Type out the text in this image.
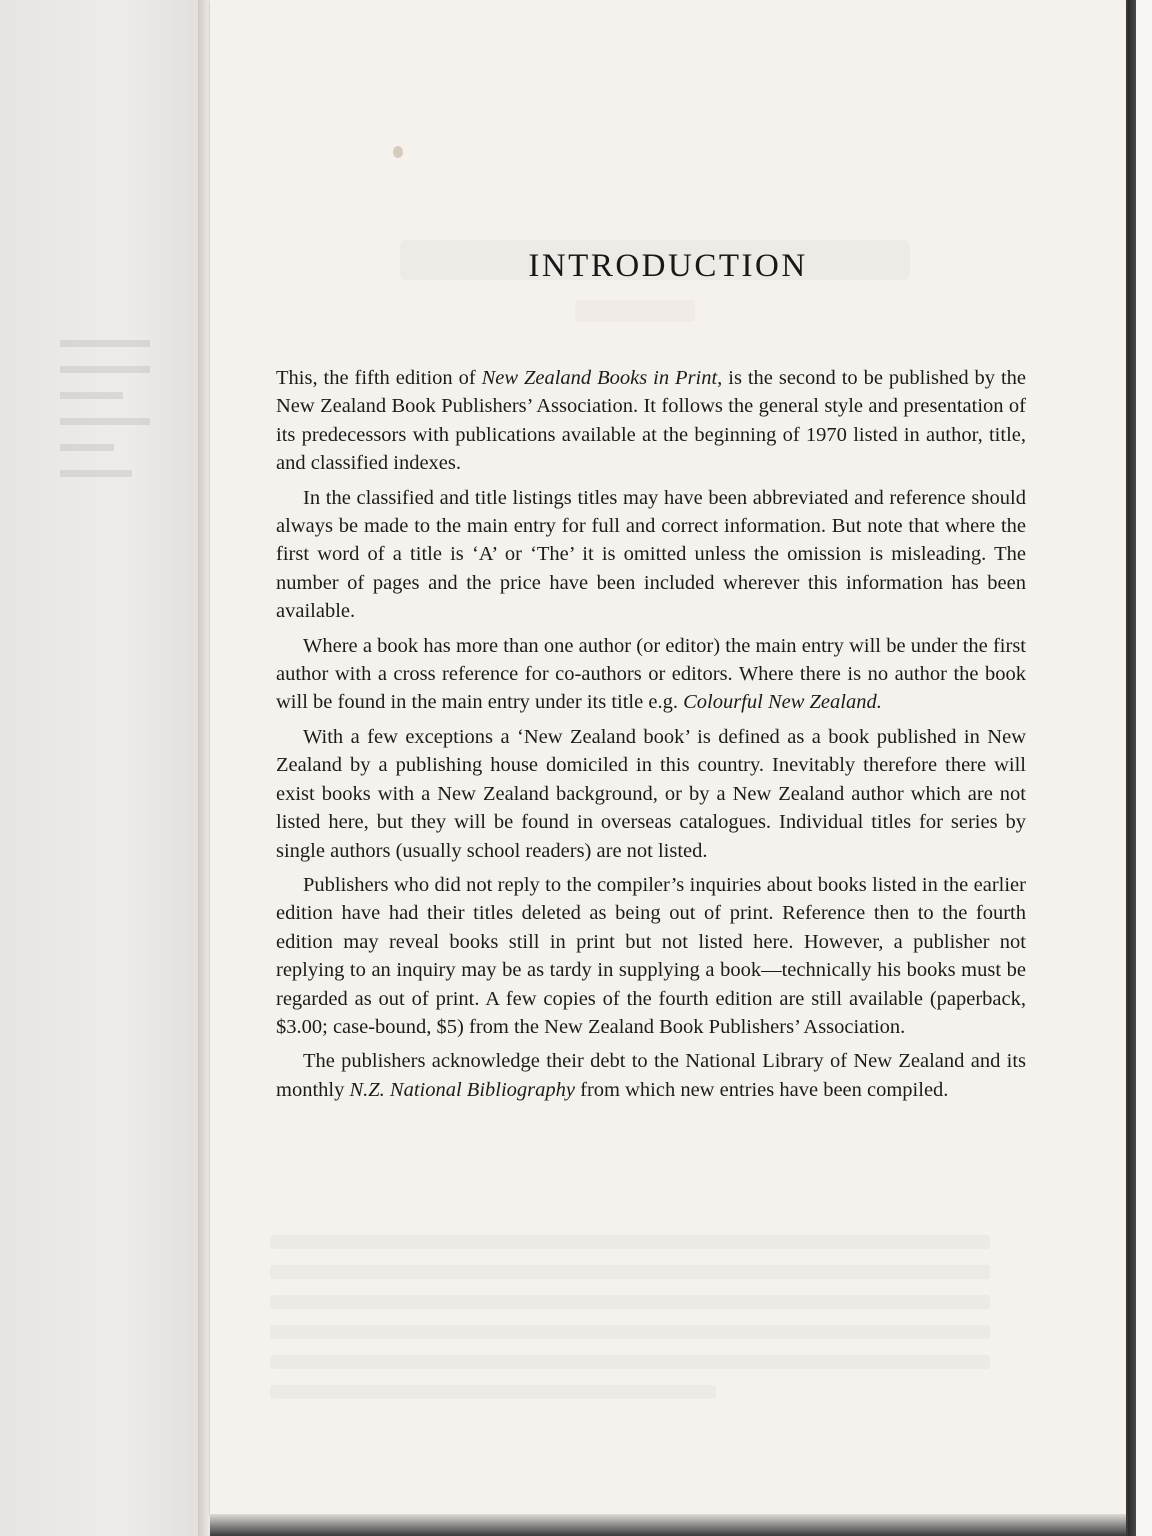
INTRODUCTION

This, the fifth edition of New Zealand Books in Print, is the second to be published by the New Zealand Book Publishers’ Association. It follows the general style and presentation of its predecessors with publications available at the beginning of 1970 listed in author, title, and classified indexes.

In the classified and title listings titles may have been abbreviated and reference should always be made to the main entry for full and correct information. But note that where the first word of a title is ‘A’ or ‘The’ it is omitted unless the omission is misleading. The number of pages and the price have been included wherever this information has been available.

Where a book has more than one author (or editor) the main entry will be under the first author with a cross reference for co-authors or editors. Where there is no author the book will be found in the main entry under its title e.g. Colourful New Zealand.

With a few exceptions a ‘New Zealand book’ is defined as a book published in New Zealand by a publishing house domiciled in this country. Inevitably therefore there will exist books with a New Zealand background, or by a New Zealand author which are not listed here, but they will be found in overseas catalogues. Individual titles for series by single authors (usually school readers) are not listed.

Publishers who did not reply to the compiler’s inquiries about books listed in the earlier edition have had their titles deleted as being out of print. Reference then to the fourth edition may reveal books still in print but not listed here. However, a publisher not replying to an inquiry may be as tardy in supplying a book—technically his books must be regarded as out of print. A few copies of the fourth edition are still available (paperback, $3.00; case-bound, $5) from the New Zealand Book Publishers’ Association.

The publishers acknowledge their debt to the National Library of New Zealand and its monthly N.Z. National Bibliography from which new entries have been compiled.
